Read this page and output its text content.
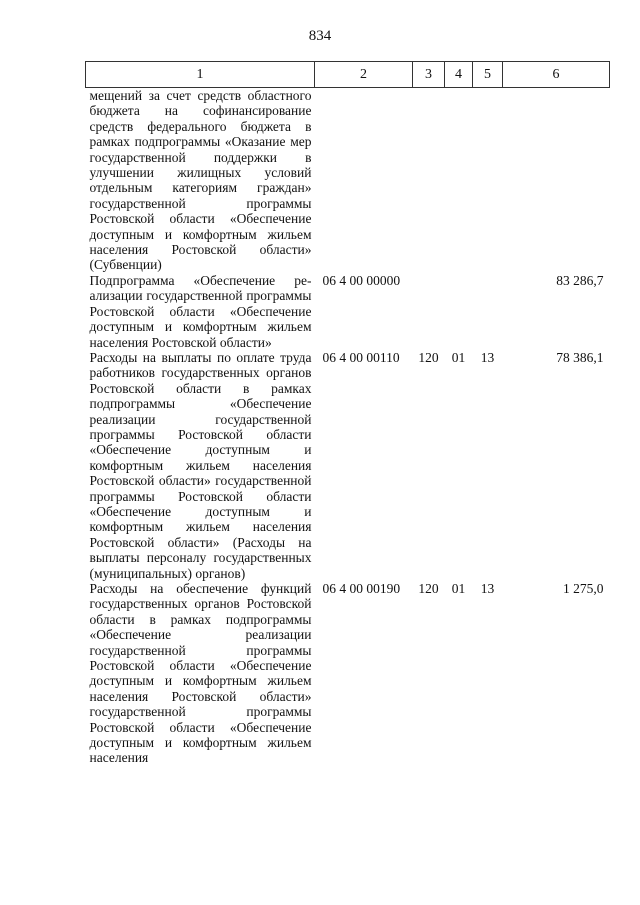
834
1	2	3	4	5	6
мещений за счет средств областного бюджета на софинансирование средств федерального бюджета в рамках подпрограммы «Оказание мер государственной поддержки в улучшении жилищных условий отдельным категориям граждан» государственной программы Ростовской области «Обеспечение доступным и комфортным жильем населения Ростовской области» (Субвенции)					
Подпрограмма «Обеспечение реализации государственной программы Ростовской области «Обеспечение доступным и комфортным жильем населения Ростовской области»	06 4 00 00000				83 286,7
Расходы на выплаты по оплате труда работников государственных органов Ростовской области в рамках подпрограммы «Обеспечение реализации государственной программы Ростовской области «Обеспечение доступным и комфортным жильем населения Ростовской области» государственной программы Ростовской области «Обеспечение доступным и комфортным жильем населения Ростовской области» (Расходы на выплаты персоналу государственных (муниципальных) органов)	06 4 00 00110	120	01	13	78 386,1
Расходы на обеспечение функций государственных органов Ростовской области в рамках подпрограммы «Обеспечение реализации государственной программы Ростовской области «Обеспечение доступным и комфортным жильем населения Ростовской области» государственной программы Ростовской области «Обеспечение доступным и комфортным жильем населения	06 4 00 00190	120	01	13	1 275,0
